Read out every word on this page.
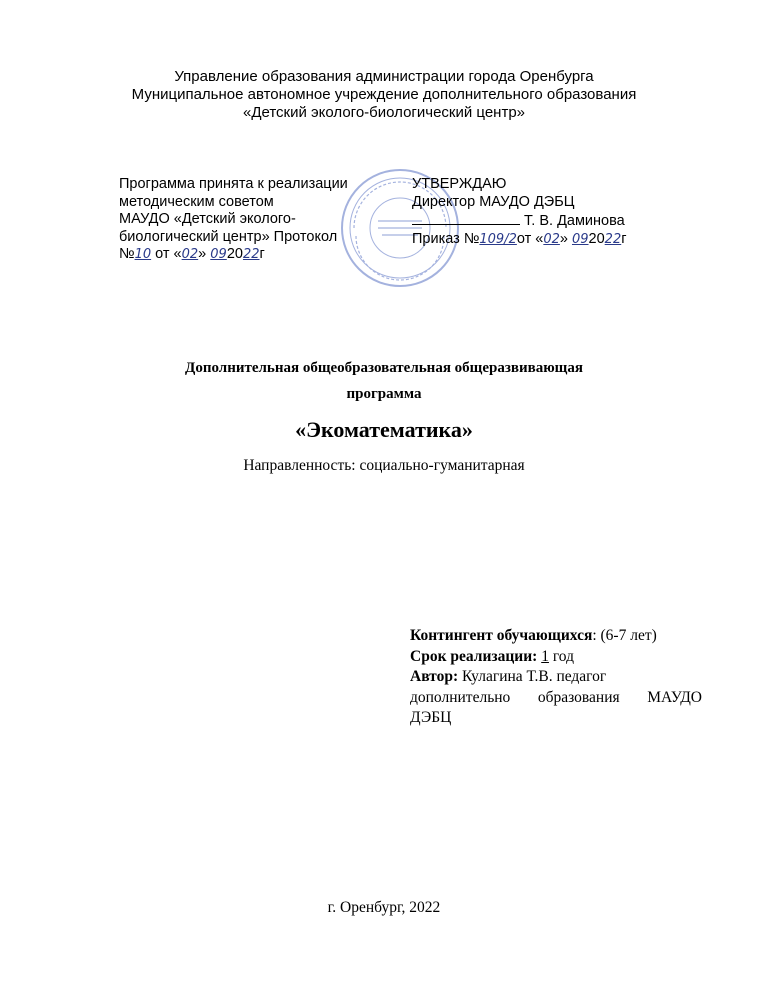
Управление образования администрации города Оренбурга
Муниципальное автономное учреждение дополнительного образования
«Детский эколого-биологический центр»
Программа принята к реализации
методическим советом
МАУДО «Детский эколого-
биологический центр» Протокол
№10 от «02» 092022г
УТВЕРЖДАЮ
Директор МАУДО ДЭБЦ
Т. В. Даминова
Приказ №109/2от «02» 092022г
Дополнительная общеобразовательная общеразвивающая
программа
«Экоматематика»
Направленность: социально-гуманитарная
Контингент обучающихся: (6-7 лет)
Срок реализации: 1 год
Автор: Кулагина Т.В. педагог
дополнительно образования МАУДО
ДЭБЦ
г. Оренбург, 2022
